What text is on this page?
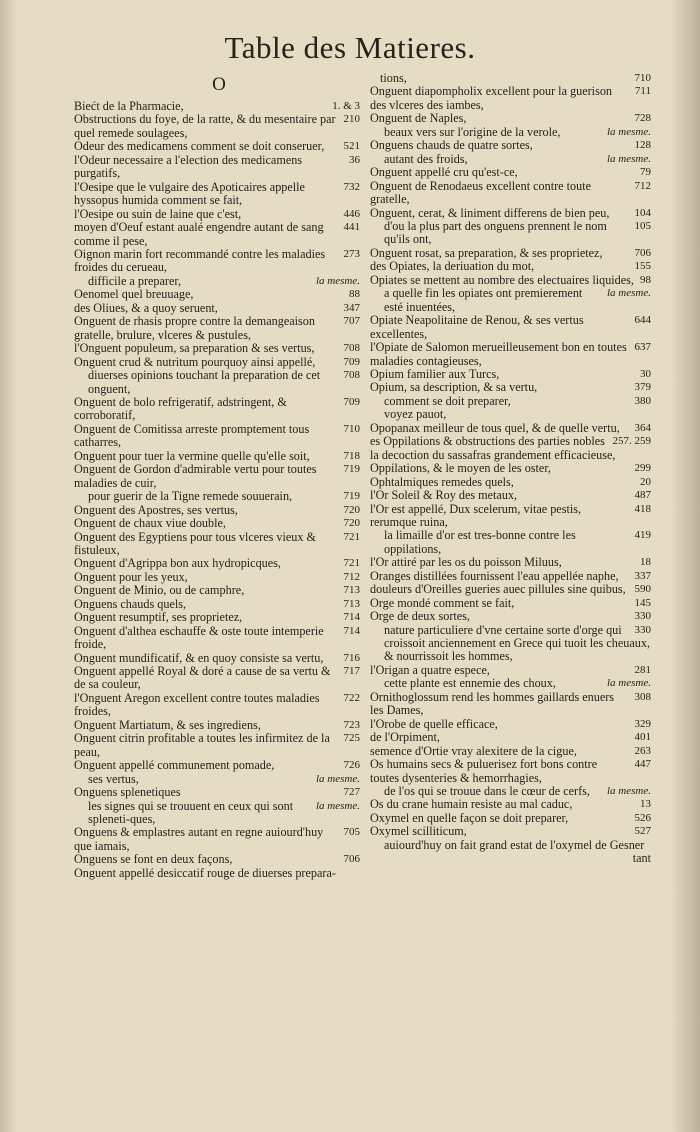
Table des Matieres.
O
1. & 3
Biećt de la Pharmacie,
210
Obstructions du foye, de la ratte, & du mesentaire par quel remede soulagees,
521
Odeur des medicamens comment se doit conseruer,
36
l'Odeur necessaire a l'election des medicamens purgatifs,
732
l'Oesipe que le vulgaire des Apoticaires appelle hyssopus humida comment se fait,
446
l'Oesipe ou suin de laine que c'est,
441
moyen d'Oeuf estant aualé engendre autant de sang comme il pese,
273
Oignon marin fort recommandé contre les maladies froides du cerueau,
la mesme.
difficile a preparer,
88
Oenomel quel breuuage,
347
des Oliues, & a quoy seruent,
707
Onguent de rhasis propre contre la demangeaison gratelle, brulure, vlceres & pustules,
708
l'Onguent populeum, sa preparation & ses vertus,
709
Onguent crud & nutritum pourquoy ainsi appellé,
708
diuerses opinions touchant la preparation de cet onguent,
709
Onguent de bolo refrigeratif, adstringent, & corroboratif,
710
Onguent de Comitissa arreste promptement tous catharres,
718
Onguent pour tuer la vermine quelle qu'elle soit,
719
Onguent de Gordon d'admirable vertu pour toutes maladies de cuir,
719
pour guerir de la Tigne remede souuerain,
720
Onguent des Apostres, ses vertus,
720
Onguent de chaux viue double,
721
Onguent des Egyptiens pour tous vlceres vieux & fistuleux,
721
Onguent d'Agrippa bon aux hydropicques,
712
Onguent pour les yeux,
713
Onguent de Minio, ou de camphre,
713
Onguens chauds quels,
714
Onguent resumptif, ses proprietez,
714
Onguent d'althea eschauffe & oste toute intemperie froide,
716
Onguent mundificatif, & en quoy consiste sa vertu,
717
Onguent appellé Royal & doré a cause de sa vertu & de sa couleur,
722
l'Onguent Aregon excellent contre toutes maladies froides,
723
Onguent Martiatum, & ses ingrediens,
725
Onguent citrin profitable a toutes les infirmitez de la peau,
726
Onguent appellé communement pomade,
la mesme.
ses vertus,
727
Onguens splenetiques
la mesme.
les signes qui se trouuent en ceux qui sont spleneti-ques,
705
Onguens & emplastres autant en regne auiourd'huy que iamais,
706
Onguens se font en deux façons,
Onguent appellé desiccatif rouge de diuerses prepara-
710
tions,
711
Onguent diapompholix excellent pour la guerison des vlceres des iambes,
728
Onguent de Naples,
la mesme.
beaux vers sur l'origine de la verole,
128
Onguens chauds de quatre sortes,
la mesme.
autant des froids,
79
Onguent appellé cru qu'est-ce,
712
Onguent de Renodaeus excellent contre toute gratelle,
104
Onguent, cerat, & liniment differens de bien peu,
105
d'ou la plus part des onguens prennent le nom qu'ils ont,
706
Onguent rosat, sa preparation, & ses proprietez,
155
des Opiates, la deriuation du mot,
98
Opiates se mettent au nombre des electuaires liquides,
la mesme.
a quelle fin les opiates ont premierement esté inuentées,
644
Opiate Neapolitaine de Renou, & ses vertus excellentes,
637
l'Opiate de Salomon merueilleusement bon en toutes maladies contagieuses,
30
Opium familier aux Turcs,
379
Opium, sa description, & sa vertu,
380
comment se doit preparer,
voyez pauot,
364
Opopanax meilleur de tous quel, & de quelle vertu,
257. 259
es Oppilations & obstructions des parties nobles la decoction du sassafras grandement efficacieuse,
299
Oppilations, & le moyen de les oster,
20
Ophtalmiques remedes quels,
487
l'Or Soleil & Roy des metaux,
418
l'Or est appellé, Dux scelerum, vitae pestis, rerumque ruina,
419
la limaille d'or est tres-bonne contre les oppilations,
18
l'Or attiré par les os du poisson Miluus,
337
Oranges distillées fournissent l'eau appellée naphe,
590
douleurs d'Oreilles gueries auec pillules sine quibus,
145
Orge mondé comment se fait,
330
Orge de deux sortes,
330
nature particuliere d'vne certaine sorte d'orge qui croissoit anciennement en Grece qui tuoit les cheuaux, & nourrissoit les hommes,
281
l'Origan a quatre espece,
la mesme.
cette plante est ennemie des choux,
308
Ornithoglossum rend les hommes gaillards enuers les Dames,
329
l'Orobe de quelle efficace,
401
de l'Orpiment,
263
semence d'Ortie vray alexitere de la cigue,
447
Os humains secs & puluerisez fort bons contre toutes dysenteries & hemorrhagies,
la mesme.
de l'os qui se trouue dans le cœur de cerfs,
13
Os du crane humain resiste au mal caduc,
526
Oxymel en quelle façon se doit preparer,
527
Oxymel scilliticum,
auiourd'huy on fait grand estat de l'oxymel de Gesner
tant
